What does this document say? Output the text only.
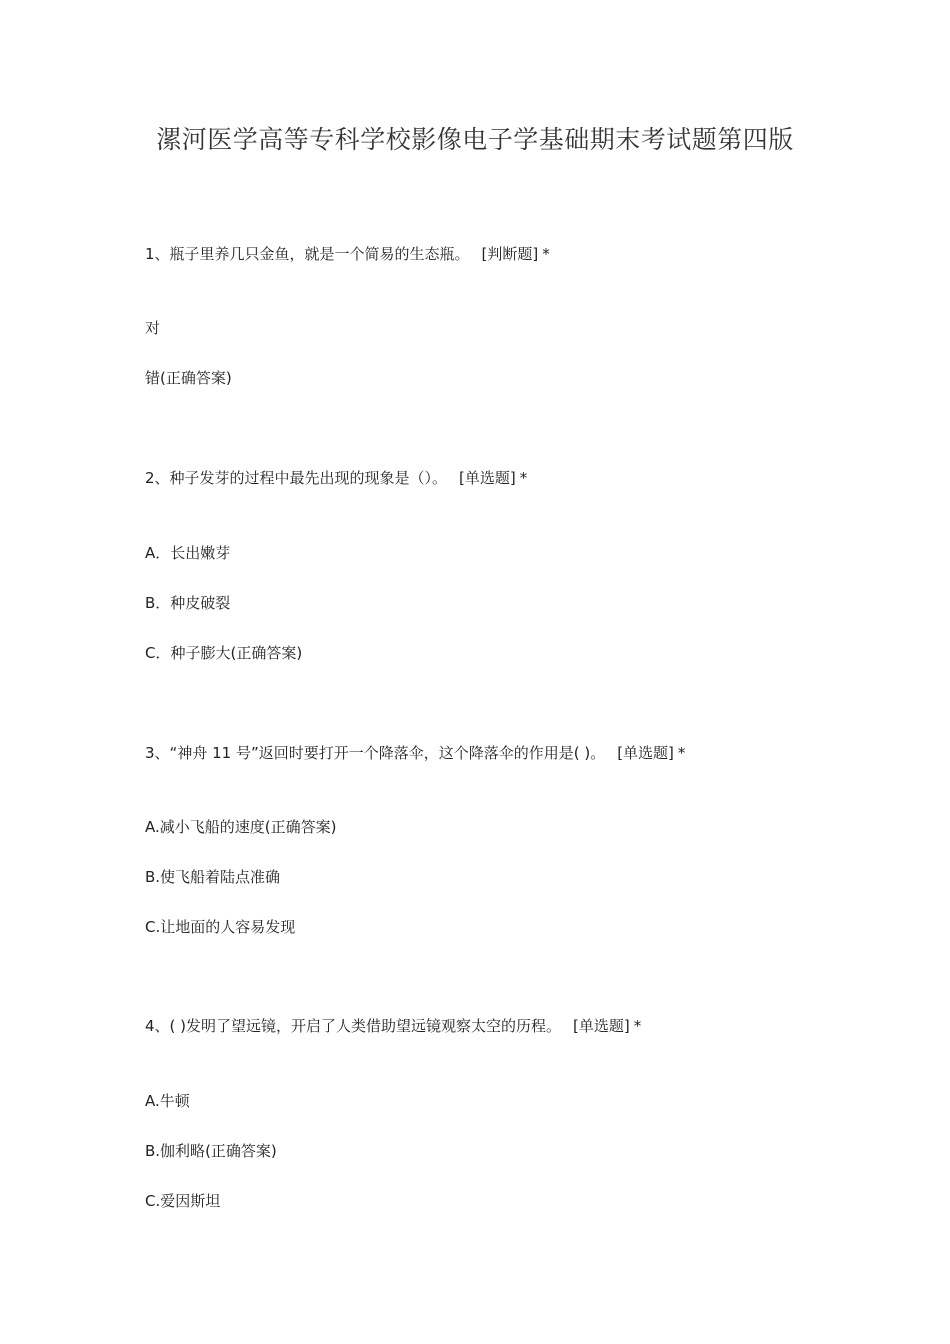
漯河医学高等专科学校影像电子学基础期末考试题第四版
1、瓶子里养几只金鱼，就是一个简易的生态瓶。 [判断题] *
对
错(正确答案)
2、种子发芽的过程中最先出现的现象是（）。 [单选题] *
A．长出嫩芽
B．种皮破裂
C．种子膨大(正确答案)
3、“神舟 11 号”返回时要打开一个降落伞，这个降落伞的作用是( )。 [单选题] *
A.减小飞船的速度(正确答案)
B.使飞船着陆点准确
C.让地面的人容易发现
4、( )发明了望远镜，开启了人类借助望远镜观察太空的历程。 [单选题] *
A.牛顿
B.伽利略(正确答案)
C.爱因斯坦
